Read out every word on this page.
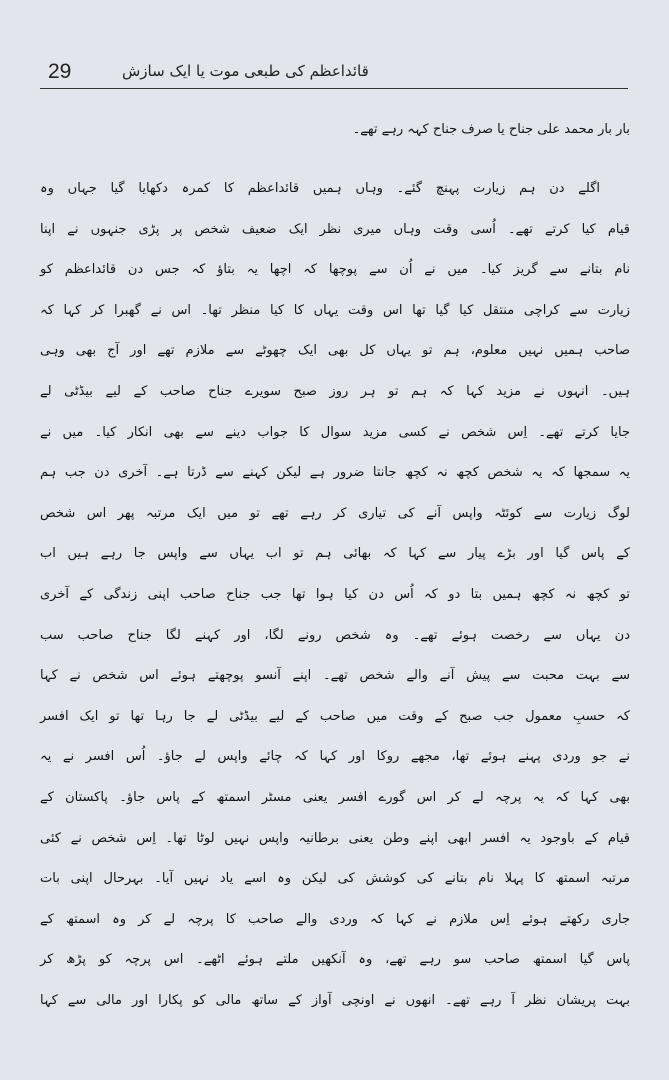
29	قائداعظم کی طبعی موت یا ایک سازش
بار بار محمد علی جناح یا صرف جناح کہہ رہے تھے۔
اگلے دن ہم زیارت پہنچ گئے۔ وہاں ہمیں قائداعظم کا کمرہ دکھایا گیا جہاں وہ
قیام کیا کرتے تھے۔ اُسی وقت وہاں میری نظر ایک ضعیف شخص پر پڑی جنہوں نے اپنا
نام بتانے سے گریز کیا۔ میں نے اُن سے پوچھا کہ اچھا یہ بتاؤ کہ جس دن قائداعظم کو
زیارت سے کراچی منتقل کیا گیا تھا اس وقت یہاں کا کیا منظر تھا۔ اس نے گھبرا کر کہا کہ
صاحب ہمیں نہیں معلوم، ہم تو یہاں کل بھی ایک چھوٹے سے ملازم تھے اور آج بھی وہی
ہیں۔ انہوں نے مزید کہا کہ ہم تو ہر روز صبح سویرے جناح صاحب کے لیے بیڈٹی لے
جایا کرتے تھے۔ اِس شخص نے کسی مزید سوال کا جواب دینے سے بھی انکار کیا۔ میں نے
یہ سمجھا کہ یہ شخص کچھ نہ کچھ جانتا ضرور ہے لیکن کہنے سے ڈرتا ہے۔ آخری دن جب ہم
لوگ زیارت سے کوئٹہ واپس آنے کی تیاری کر رہے تھے تو میں ایک مرتبہ پھر اس شخص
کے پاس گیا اور بڑے پیار سے کہا کہ بھائی ہم تو اب یہاں سے واپس جا رہے ہیں اب
تو کچھ نہ کچھ ہمیں بتا دو کہ اُس دن کیا ہوا تھا جب جناح صاحب اپنی زندگی کے آخری
دن یہاں سے رخصت ہوئے تھے۔ وہ شخص رونے لگا، اور کہنے لگا جناح صاحب سب
سے بہت محبت سے پیش آنے والے شخص تھے۔ اپنے آنسو پوچھتے ہوئے اس شخص نے کہا
کہ حسبِ معمول جب صبح کے وقت میں صاحب کے لیے بیڈٹی لے جا رہا تھا تو ایک افسر
نے جو وردی پہنے ہوئے تھا، مجھے روکا اور کہا کہ چائے واپس لے جاؤ۔ اُس افسر نے یہ
بھی کہا کہ یہ پرچہ لے کر اس گورے افسر یعنی مسٹر اسمتھ کے پاس جاؤ۔ پاکستان کے
قیام کے باوجود یہ افسر ابھی اپنے وطن یعنی برطانیہ واپس نہیں لوٹا تھا۔ اِس شخص نے کئی
مرتبہ اسمتھ کا پہلا نام بتانے کی کوشش کی لیکن وہ اسے یاد نہیں آیا۔ بہرحال اپنی بات
جاری رکھتے ہوئے اِس ملازم نے کہا کہ وردی والے صاحب کا پرچہ لے کر وہ اسمتھ کے
پاس گیا اسمتھ صاحب سو رہے تھے، وہ آنکھیں ملتے ہوئے اٹھے۔ اس پرچہ کو پڑھ کر
بہت پریشان نظر آ رہے تھے۔ انھوں نے اونچی آواز کے ساتھ مالی کو پکارا اور مالی سے کہا
